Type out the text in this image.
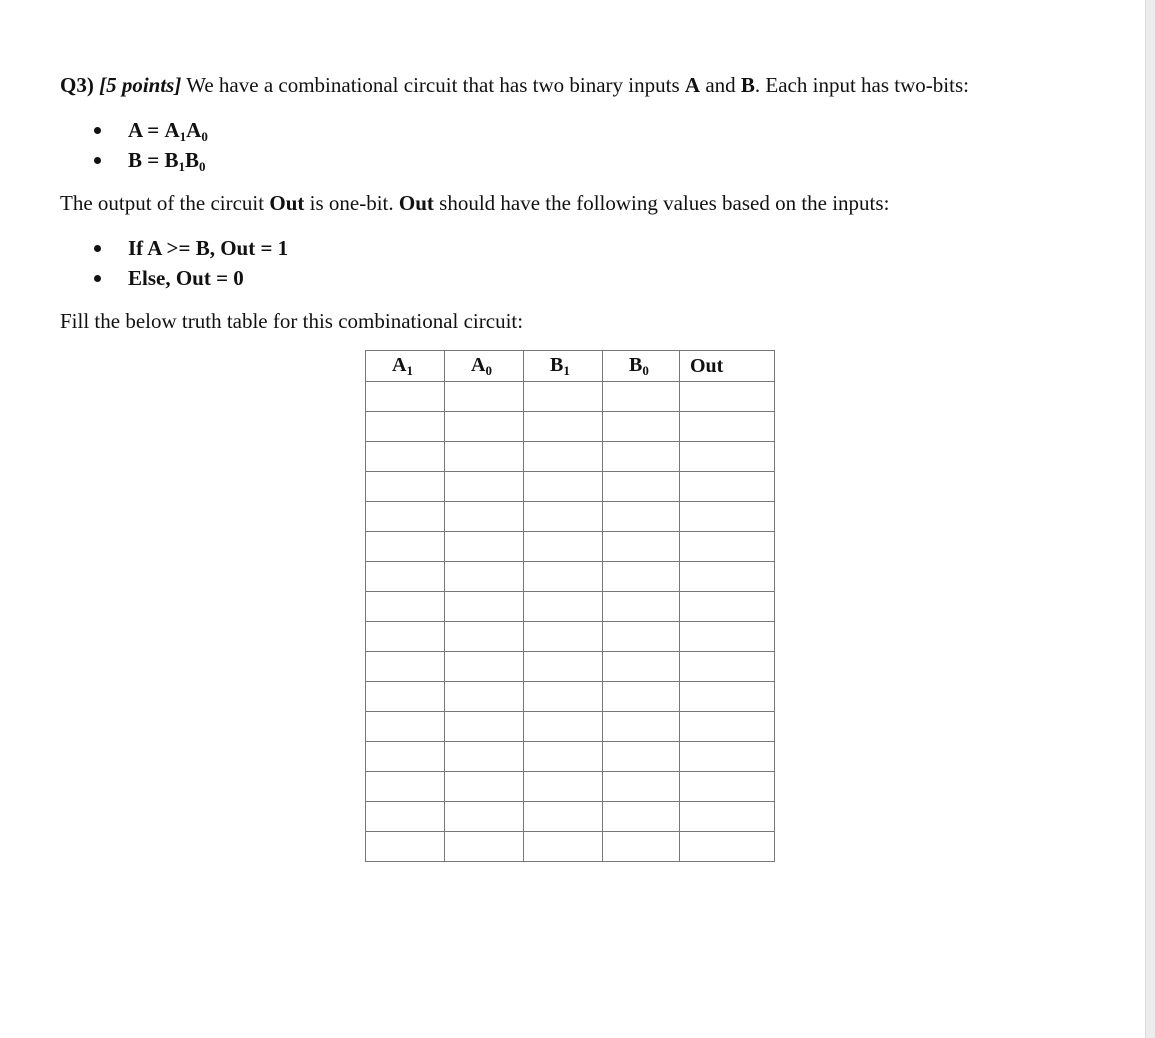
Q3) [5 points] We have a combinational circuit that has two binary inputs A and B. Each input has two-bits:
$A = A_1A_0$
$B = B_1B_0$
The output of the circuit Out is one-bit. Out should have the following values based on the inputs:
If A >= B, Out = 1
Else, Out = 0
Fill the below truth table for this combinational circuit:
$A_1$	$A_0$	$B_1$	$B_0$	Out
